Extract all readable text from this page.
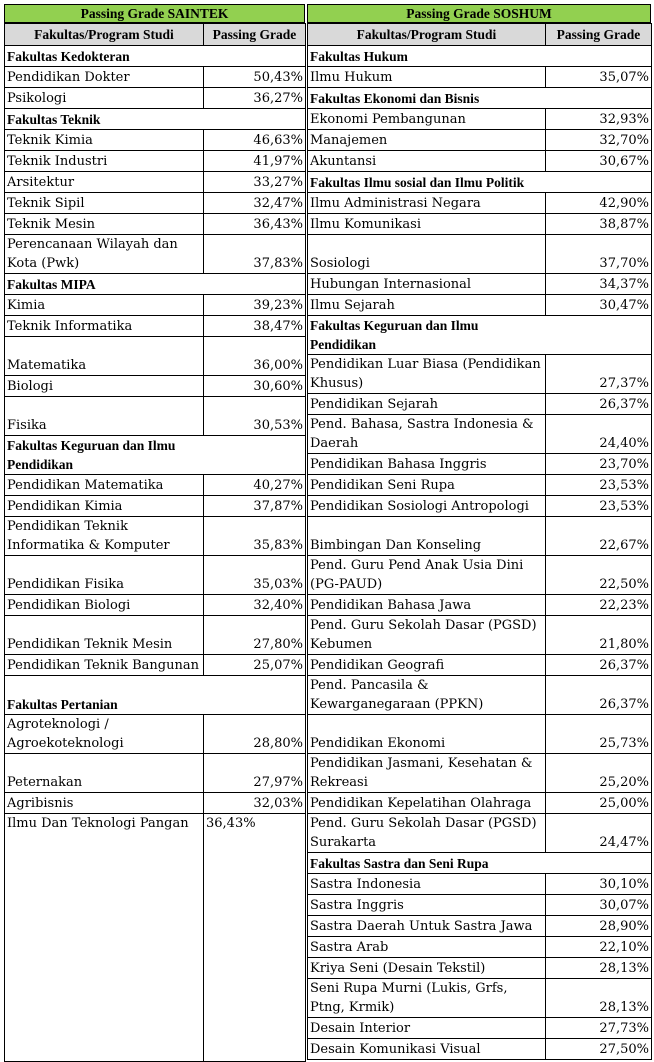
Passing Grade SAINTEK
Fakultas/Program Studi	Passing Grade
Fakultas Kedokteran	
Pendidikan Dokter	50,43%
Psikologi	36,27%
Fakultas Teknik	
Teknik Kimia	46,63%
Teknik Industri	41,97%
Arsitektur	33,27%
Teknik Sipil	32,47%
Teknik Mesin	36,43%
Perencanaan Wilayah dan Kota (Pwk)	37,83%
Fakultas MIPA	
Kimia	39,23%
Teknik Informatika	38,47%
Matematika	36,00%
Biologi	30,60%
Fisika	30,53%
Fakultas Keguruan dan Ilmu Pendidikan	
Pendidikan Matematika	40,27%
Pendidikan Kimia	37,87%
Pendidikan Teknik Informatika & Komputer	35,83%
Pendidikan Fisika	35,03%
Pendidikan Biologi	32,40%
Pendidikan Teknik Mesin	27,80%
Pendidikan Teknik Bangunan	25,07%
Fakultas Pertanian	
Agroteknologi / Agroekoteknologi	28,80%
Peternakan	27,97%
Agribisnis	32,03%
Ilmu Dan Teknologi Pangan	36,43%
Passing Grade SOSHUM
Fakultas/Program Studi	Passing Grade
Fakultas Hukum	
Ilmu Hukum	35,07%
Fakultas Ekonomi dan Bisnis	
Ekonomi Pembangunan	32,93%
Manajemen	32,70%
Akuntansi	30,67%
Fakultas Ilmu sosial dan Ilmu Politik	
Ilmu Administrasi Negara	42,90%
Ilmu Komunikasi	38,87%
Sosiologi	37,70%
Hubungan Internasional	34,37%
Ilmu Sejarah	30,47%
Fakultas Keguruan dan Ilmu Pendidikan	
Pendidikan Luar Biasa (Pendidikan Khusus)	27,37%
Pendidikan Sejarah	26,37%
Pend. Bahasa, Sastra Indonesia & Daerah	24,40%
Pendidikan Bahasa Inggris	23,70%
Pendidikan Seni Rupa	23,53%
Pendidikan Sosiologi Antropologi	23,53%
Bimbingan Dan Konseling	22,67%
Pend. Guru Pend Anak Usia Dini (PG-PAUD)	22,50%
Pendidikan Bahasa Jawa	22,23%
Pend. Guru Sekolah Dasar (PGSD) Kebumen	21,80%
Pendidikan Geografi	26,37%
Pend. Pancasila & Kewarganegaraan (PPKN)	26,37%
Pendidikan Ekonomi	25,73%
Pendidikan Jasmani, Kesehatan & Rekreasi	25,20%
Pendidikan Kepelatihan Olahraga	25,00%
Pend. Guru Sekolah Dasar (PGSD) Surakarta	24,47%
Fakultas Sastra dan Seni Rupa	
Sastra Indonesia	30,10%
Sastra Inggris	30,07%
Sastra Daerah Untuk Sastra Jawa	28,90%
Sastra Arab	22,10%
Kriya Seni (Desain Tekstil)	28,13%
Seni Rupa Murni (Lukis, Grfs, Ptng, Krmik)	28,13%
Desain Interior	27,73%
Desain Komunikasi Visual	27,50%
